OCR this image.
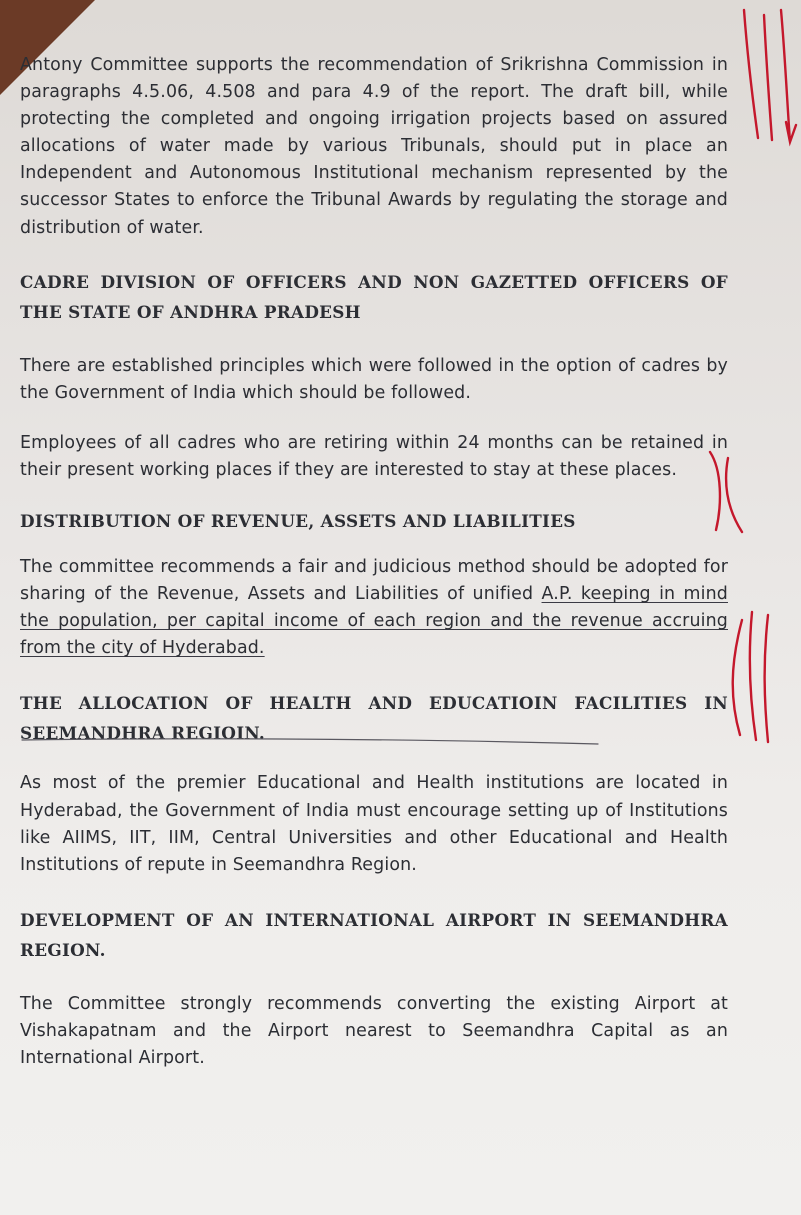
Antony Committee supports the recommendation of Srikrishna Commission in paragraphs 4.5.06, 4.508 and para 4.9 of the report. The draft bill, while protecting the completed and ongoing irrigation projects based on assured allocations of water made by various Tribunals, should put in place an Independent and Autonomous Institutional mechanism represented by the successor States to enforce the Tribunal Awards by regulating the storage and distribution of water.

CADRE DIVISION OF OFFICERS AND NON GAZETTED OFFICERS OF THE STATE OF ANDHRA PRADESH

There are established principles which were followed in the option of cadres by the Government of India which should be followed.

Employees of all cadres who are retiring within 24 months can be retained in their present working places if they are interested to stay at these places.

DISTRIBUTION OF REVENUE, ASSETS AND LIABILITIES

The committee recommends a fair and judicious method should be adopted for sharing of the Revenue, Assets and Liabilities of unified A.P. keeping in mind the population, per capital income of each region and the revenue accruing from the city of Hyderabad.

THE ALLOCATION OF HEALTH AND EDUCATIOIN FACILITIES IN SEEMANDHRA REGIOIN.

As most of the premier Educational and Health institutions are located in Hyderabad, the Government of India must encourage setting up of Institutions like AIIMS, IIT, IIM, Central Universities and other Educational and Health Institutions of repute in Seemandhra Region.

DEVELOPMENT OF AN INTERNATIONAL AIRPORT IN SEEMANDHRA REGION.

The Committee strongly recommends converting the existing Airport at Vishakapatnam and the Airport nearest to Seemandhra Capital as an International Airport.
